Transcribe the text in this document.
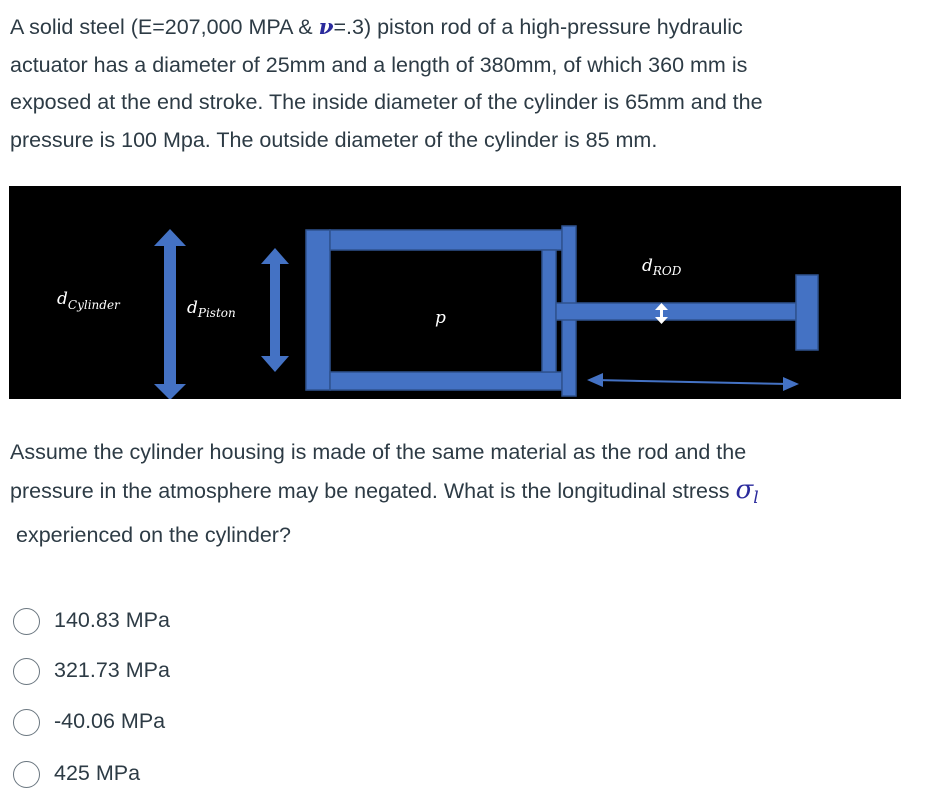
A solid steel (E=207,000 MPA & ν=.3) piston rod of a high-pressure hydraulic
actuator has a diameter of 25mm and a length of 380mm, of which 360 mm is
exposed at the end stroke. The inside diameter of the cylinder is 65mm and the
pressure is 100 Mpa. The outside diameter of the cylinder is 85 mm.
$d_{Cylinder}$	$d_{Piston}$	p
$d_{ROD}$
Assume the cylinder housing is made of the same material as the rod and the
pressure in the atmosphere may be negated. What is the longitudinal stress $\sigma_l$
experienced on the cylinder?
140.83 MPa
321.73 MPa
-40.06 MPa
425 MPa
